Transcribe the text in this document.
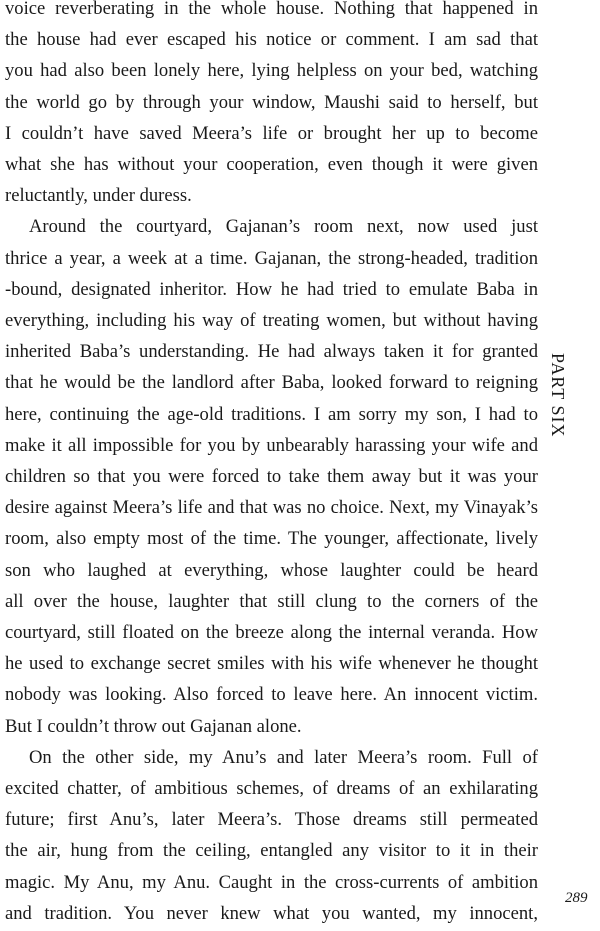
voice reverberating in the whole house. Nothing that happened in
the house had ever escaped his notice or comment. I am sad that
you had also been lonely here, lying helpless on your bed, watching
the world go by through your window, Maushi said to herself, but
I couldn’t have saved Meera’s life or brought her up to become
what she has without your cooperation, even though it were given
reluctantly, under duress.
Around the courtyard, Gajanan’s room next, now used just
thrice a year, a week at a time. Gajanan, the strong-headed, tradition
-bound, designated inheritor. How he had tried to emulate Baba in
everything, including his way of treating women, but without having
inherited Baba’s understanding. He had always taken it for granted
that he would be the landlord after Baba, looked forward to reigning
here, continuing the age-old traditions. I am sorry my son, I had to
make it all impossible for you by unbearably harassing your wife and
children so that you were forced to take them away but it was your
desire against Meera’s life and that was no choice. Next, my Vinayak’s
room, also empty most of the time. The younger, affectionate, lively
son who laughed at everything, whose laughter could be heard
all over the house, laughter that still clung to the corners of the
courtyard, still floated on the breeze along the internal veranda. How
he used to exchange secret smiles with his wife whenever he thought
nobody was looking. Also forced to leave here. An innocent victim.
But I couldn’t throw out Gajanan alone.
On the other side, my Anu’s and later Meera’s room. Full of
excited chatter, of ambitious schemes, of dreams of an exhilarating
future; first Anu’s, later Meera’s. Those dreams still permeated
the air, hung from the ceiling, entangled any visitor to it in their
magic. My Anu, my Anu. Caught in the cross-currents of ambition
and tradition. You never knew what you wanted, my innocent,
PART SIX
289
